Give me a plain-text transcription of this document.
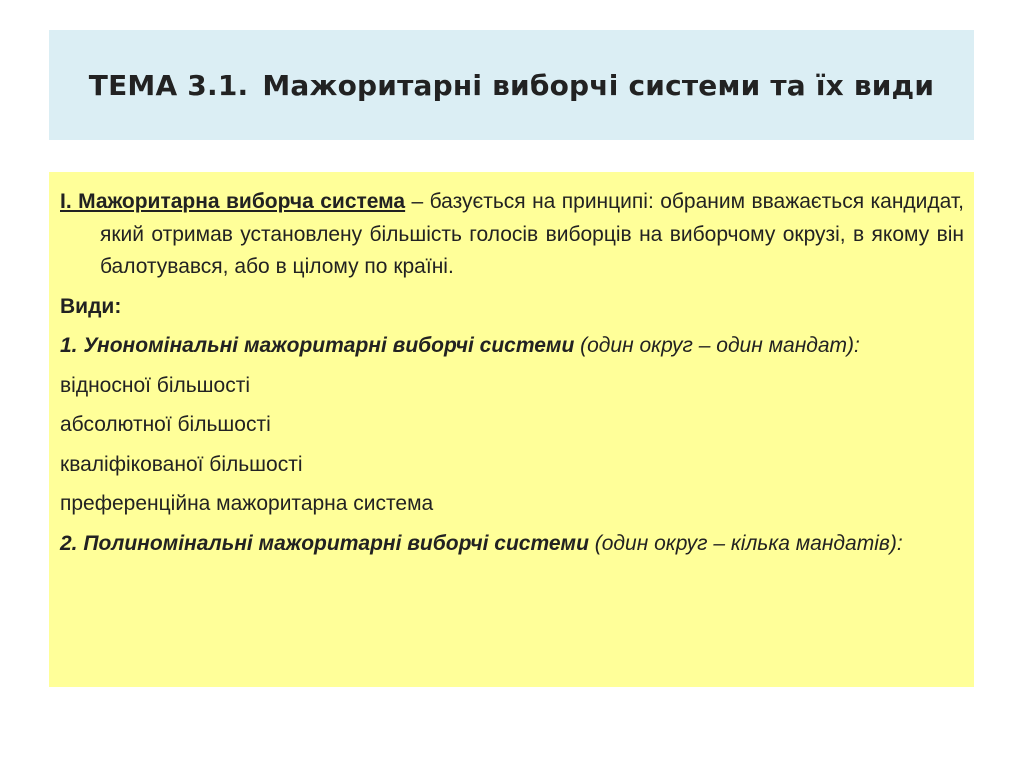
ТЕМА 3.1. Мажоритарні виборчі системи та їх види

І. Мажоритарна виборча система – базується на принципі: обраним вважається кандидат, який отримав установлену більшість голосів виборців на виборчому окрузі, в якому він балотувався, або в цілому по країні.

Види:

1. Унономінальні мажоритарні виборчі системи (один округ – один мандат):

відносної більшості

абсолютної більшості

кваліфікованої більшості

преференційна мажоритарна система

2. Полиномінальні мажоритарні виборчі системи (один округ – кілька мандатів):
